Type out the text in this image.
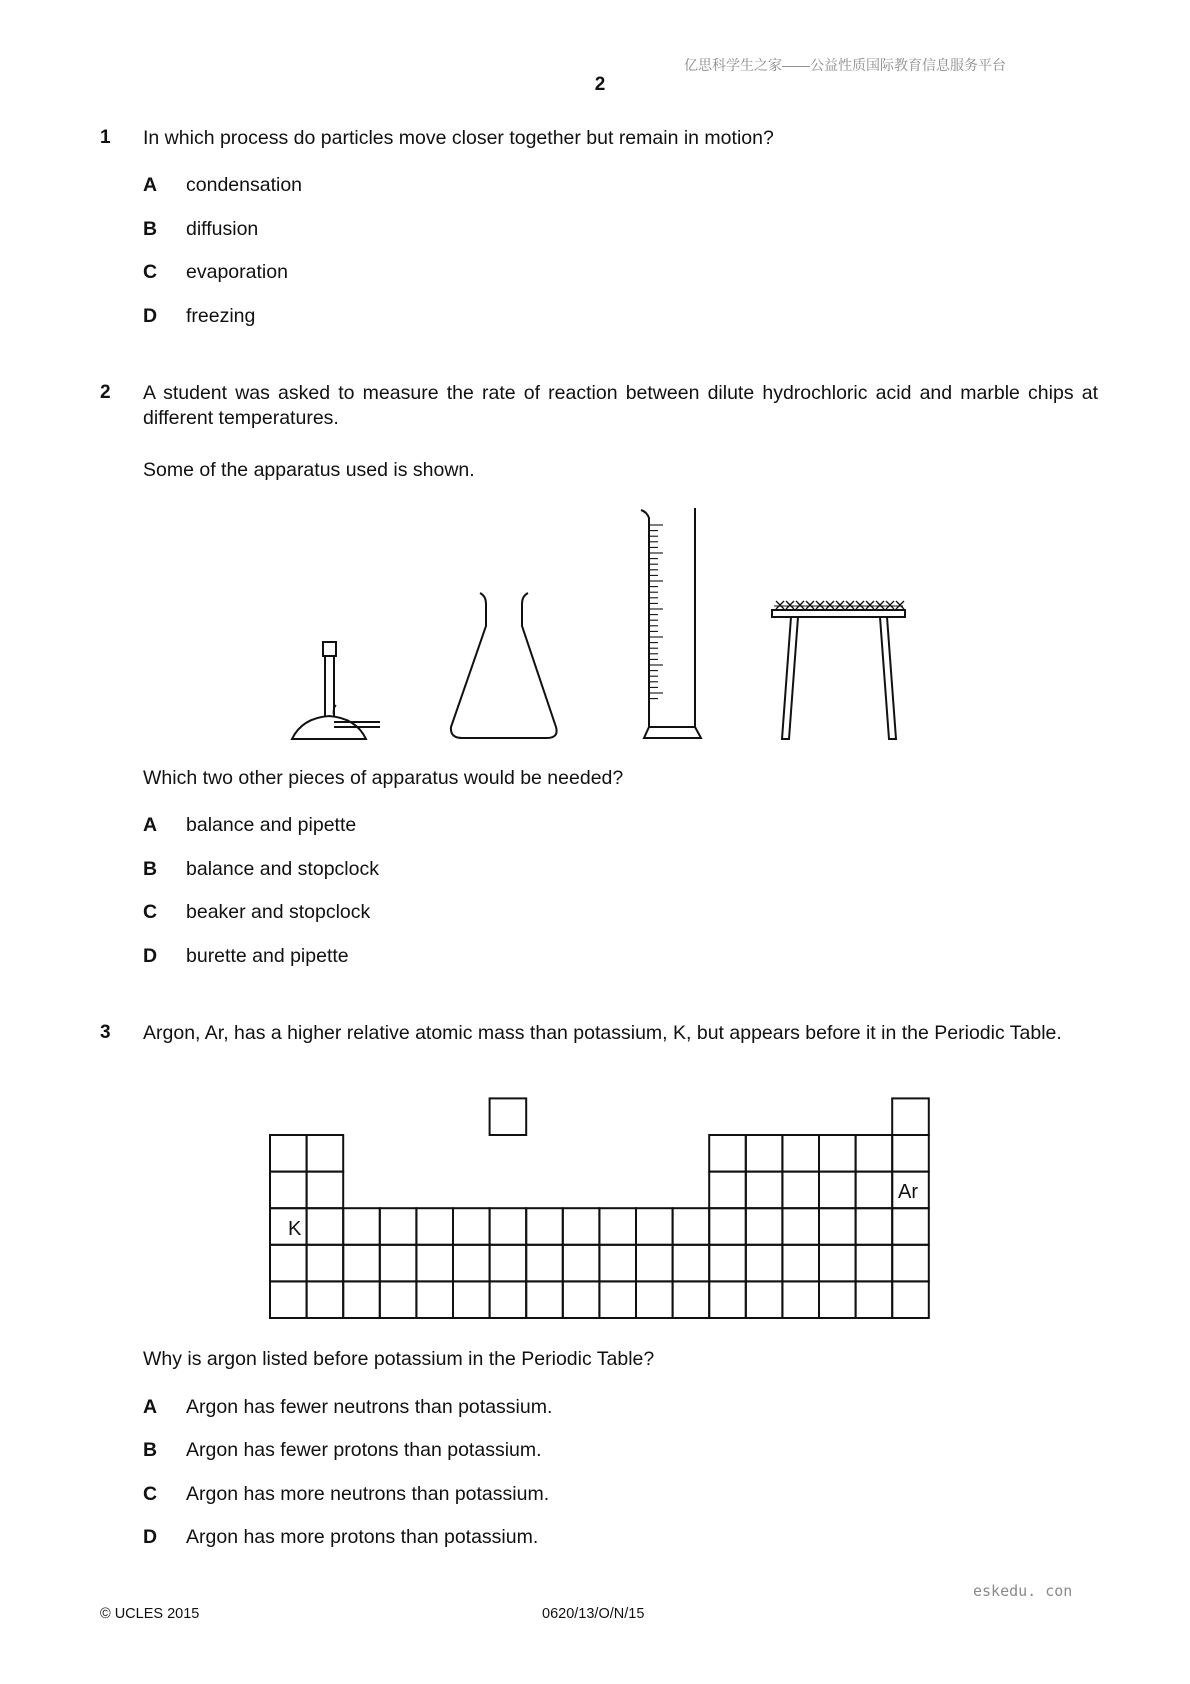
亿思科学生之家——公益性质国际教育信息服务平台
2
1 In which process do particles move closer together but remain in motion?
A condensation
B diffusion
C evaporation
D freezing
2 A student was asked to measure the rate of reaction between dilute hydrochloric acid and marble chips at different temperatures.
Some of the apparatus used is shown.
Which two other pieces of apparatus would be needed?
A balance and pipette
B balance and stopclock
C beaker and stopclock
D burette and pipette
3 Argon, Ar, has a higher relative atomic mass than potassium, K, but appears before it in the Periodic Table.
K
Ar
Why is argon listed before potassium in the Periodic Table?
A Argon has fewer neutrons than potassium.
B Argon has fewer protons than potassium.
C Argon has more neutrons than potassium.
D Argon has more protons than potassium.
eskedu. con
© UCLES 2015	0620/13/O/N/15
